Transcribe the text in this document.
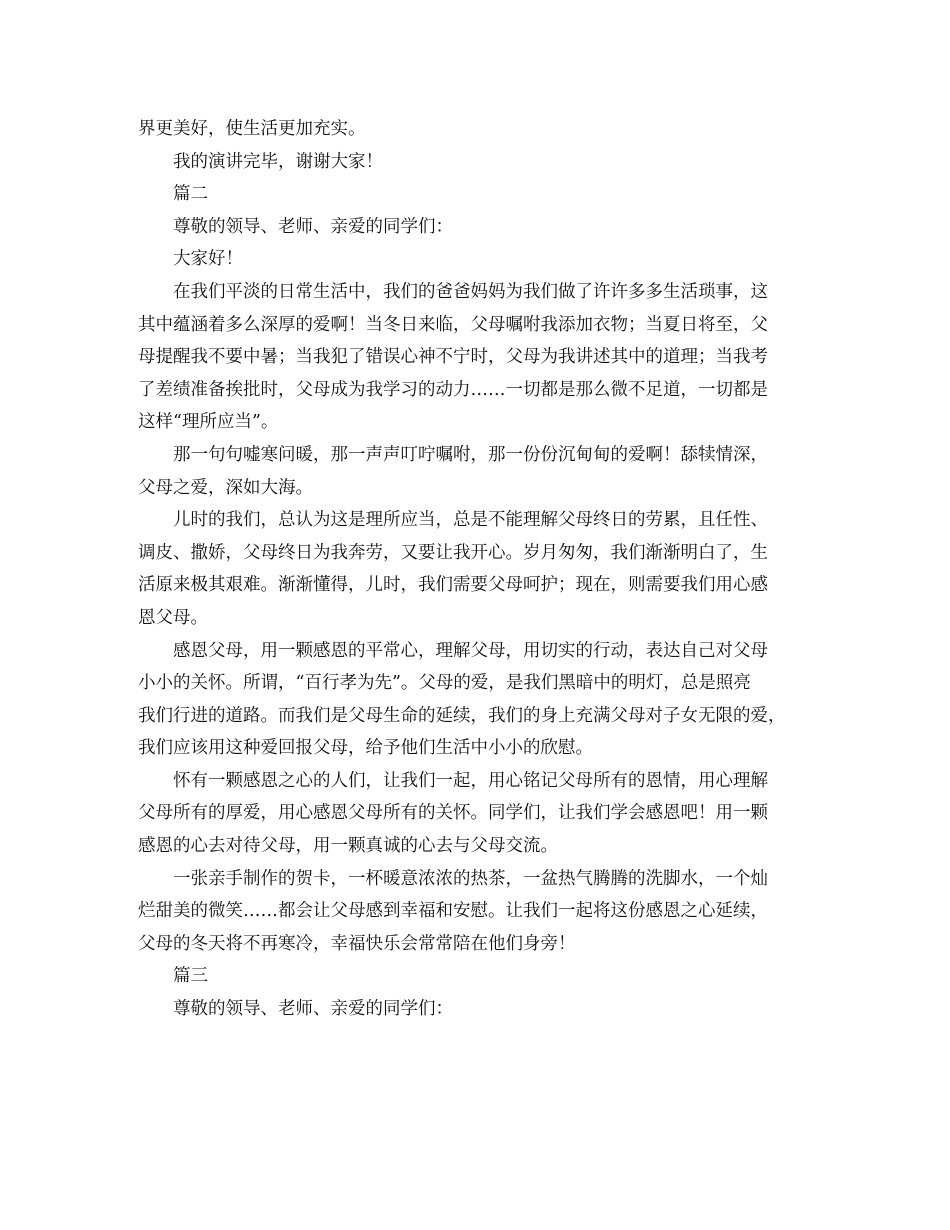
界更美好，使生活更加充实。
我的演讲完毕，谢谢大家！
篇二
尊敬的领导、老师、亲爱的同学们：
大家好！
在我们平淡的日常生活中，我们的爸爸妈妈为我们做了许许多多生活琐事，这
其中蕴涵着多么深厚的爱啊！当冬日来临，父母嘱咐我添加衣物；当夏日将至，父
母提醒我不要中暑；当我犯了错误心神不宁时，父母为我讲述其中的道理；当我考
了差绩准备挨批时，父母成为我学习的动力……一切都是那么微不足道，一切都是
这样“理所应当”。
那一句句嘘寒问暖，那一声声叮咛嘱咐，那一份份沉甸甸的爱啊！舔犊情深，
父母之爱，深如大海。
儿时的我们，总认为这是理所应当，总是不能理解父母终日的劳累，且任性、
调皮、撒娇，父母终日为我奔劳，又要让我开心。岁月匆匆，我们渐渐明白了，生
活原来极其艰难。渐渐懂得，儿时，我们需要父母呵护；现在，则需要我们用心感
恩父母。
感恩父母，用一颗感恩的平常心，理解父母，用切实的行动，表达自己对父母
小小的关怀。所谓，“百行孝为先”。父母的爱，是我们黑暗中的明灯，总是照亮
我们行进的道路。而我们是父母生命的延续，我们的身上充满父母对子女无限的爱，
我们应该用这种爱回报父母，给予他们生活中小小的欣慰。
怀有一颗感恩之心的人们，让我们一起，用心铭记父母所有的恩情，用心理解
父母所有的厚爱，用心感恩父母所有的关怀。同学们，让我们学会感恩吧！用一颗
感恩的心去对待父母，用一颗真诚的心去与父母交流。
一张亲手制作的贺卡，一杯暖意浓浓的热茶，一盆热气腾腾的洗脚水，一个灿
烂甜美的微笑……都会让父母感到幸福和安慰。让我们一起将这份感恩之心延续，
父母的冬天将不再寒冷，幸福快乐会常常陪在他们身旁！
篇三
尊敬的领导、老师、亲爱的同学们：
